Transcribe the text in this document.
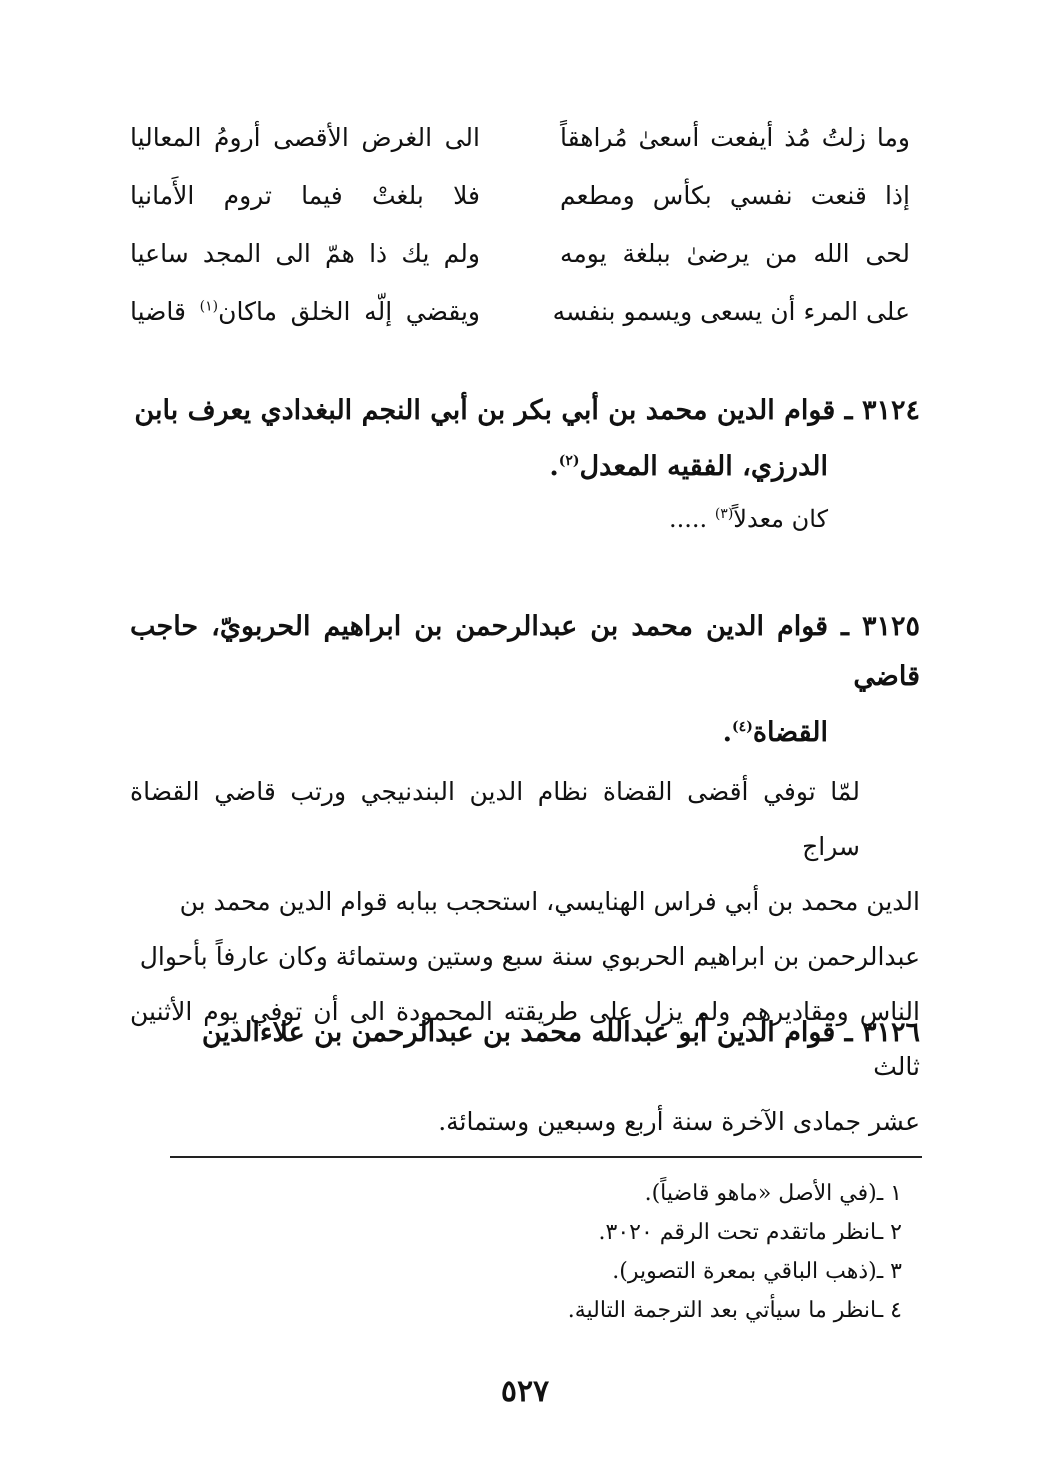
وما زلتُ مُذ أيفعت أسعىٰ مُراهقاً
الى الغرض الأقصى أرومُ المعاليا
إذا قنعت نفسي بكأس ومطعم
فلا بلغتْ فيما تروم الأَمانيا
لحى الله من يرضىٰ ببلغة يومه
ولم يك ذا همّ الى المجد ساعيا
على المرء أن يسعى ويسمو بنفسه
ويقضي إلّه الخلق ماكان$^{(١)}$ قاضيا
٣١٢٤ ـ قوام الدين محمد بن أبي بكر بن أبي النجم البغدادي يعرف بابن
الدرزي، الفقيه المعدل$^{(٢)}$.
كان معدلاً$^{(٣)}$ .....
٣١٢٥ ـ قوام الدين محمد بن عبدالرحمن بن ابراهيم الحربويّ، حاجب قاضي
القضاة$^{(٤)}$.
لمّا توفي أقضى القضاة نظام الدين البندنيجي ورتب قاضي القضاة سراج
الدين محمد بن أبي فراس الهنايسي، استحجب ببابه قوام الدين محمد بن
عبدالرحمن بن ابراهيم الحربوي سنة سبع وستين وستمائة وكان عارفاً بأحوال
الناس ومقاديرهم ولم يزل على طريقته المحمودة الى أن توفي يوم الأثنين ثالث
عشر جمادى الآخرة سنة أربع وسبعين وستمائة.
٣١٢٦ ـ قوام الدين أبو عبدالله محمد بن عبدالرحمن بن علاءالدين
١ ـ(في الأصل «ماهو قاضياً).
٢ ـانظر ماتقدم تحت الرقم ٣٠٢٠.
٣ ـ(ذهب الباقي بمعرة التصوير).
٤ ـانظر ما سيأتي بعد الترجمة التالية.
٥٢٧
